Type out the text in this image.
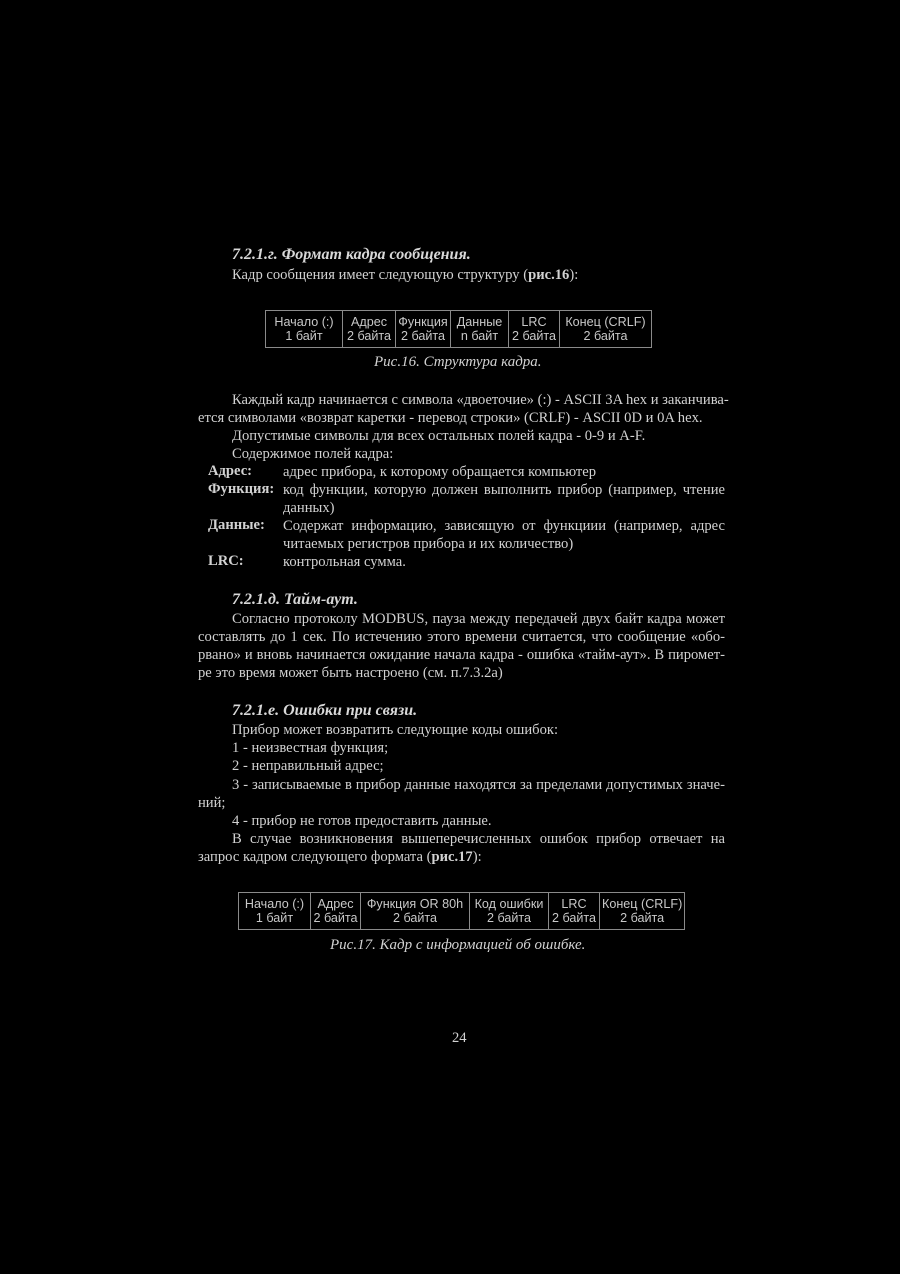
7.2.1.г. Формат кадра сообщения.
Кадр сообщения имеет следующую структуру (рис.16):
Начало (:)	Адрес	Функция	Данные	LRC	Конец (CRLF)
1 байт	2 байта	2 байта	n байт	2 байта	2 байта
Рис.16. Структура кадра.
Каждый кадр начинается с символа «двоеточие» (:) - ASCII 3A hex и заканчива-
ется символами «возврат каретки - перевод строки» (CRLF) - ASCII 0D и 0A hex.
Допустимые символы для всех остальных полей кадра - 0-9 и A-F.
Содержимое полей кадра:
Адрес: адрес прибора, к которому обращается компьютер
Функция: код функции, которую должен выполнить прибор (например, чтение
данных)
Данные: Содержат информацию, зависящую от функциии (например, адрес
читаемых регистров прибора и их количество)
LRC:	контрольная сумма.
7.2.1.д. Тайм-аут.
Согласно протоколу MODBUS, пауза между передачей двух байт кадра может
составлять до 1 сек. По истечению этого времени считается, что сообщение «обо-
рвано» и вновь начинается ожидание начала кадра - ошибка «тайм-аут». В пиромет-
ре это время может быть настроено (см. п.7.3.2а)
7.2.1.е. Ошибки при связи.
Прибор может возвратить следующие коды ошибок:
1 - неизвестная функция;
2 - неправильный адрес;
3 - записываемые в прибор данные находятся за пределами допустимых значе-
ний;
4 - прибор не готов предоставить данные.
В случае возникновения вышеперечисленных ошибок прибор отвечает на
запрос кадром следующего формата (рис.17):
Начало (:)	Адрес	Функция OR 80h	Код ошибки	LRC	Конец (CRLF)
1 байт	2 байта	2 байта	2 байта	2 байта	2 байта
Рис.17. Кадр с информацией об ошибке.
24
